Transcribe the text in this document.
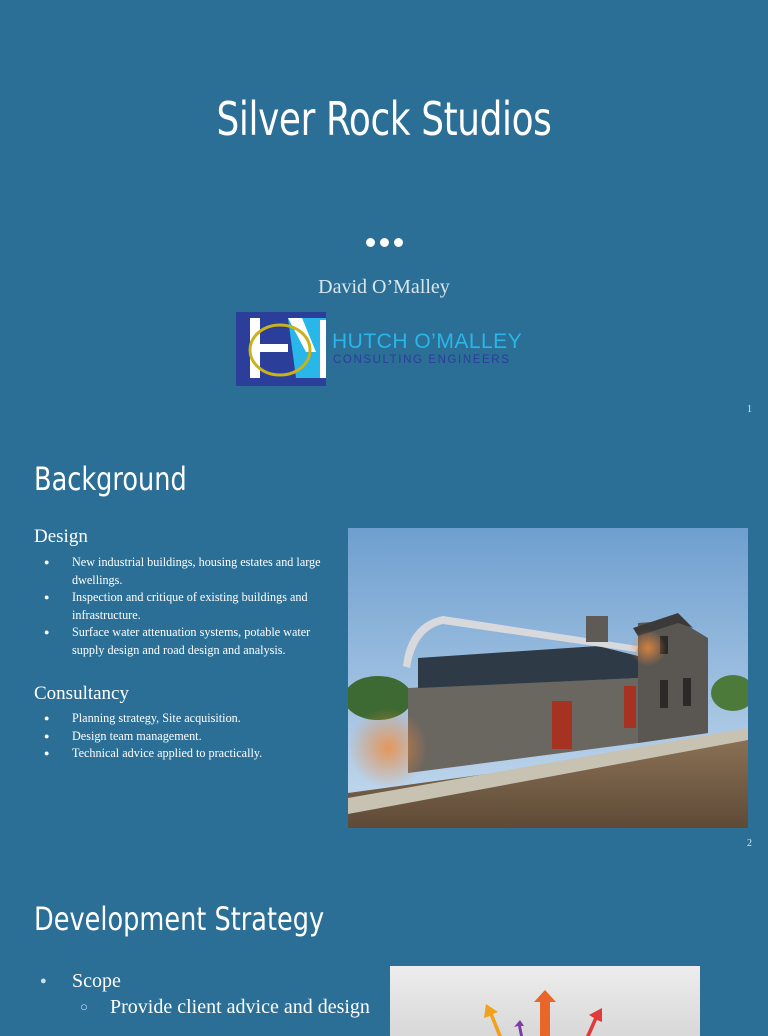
Silver Rock Studios
David O’Malley
HUTCH O’MALLEY
CONSULTING ENGINEERS
1
Background
Design
● New industrial buildings, housing estates and large dwellings.
● Inspection and critique of existing buildings and infrastructure.
● Surface water attenuation systems, potable water supply design and road design and analysis.
Consultancy
● Planning strategy, Site acquisition.
● Design team management.
● Technical advice applied to practically.
2
Development Strategy
● Scope
○ Provide client advice and design
